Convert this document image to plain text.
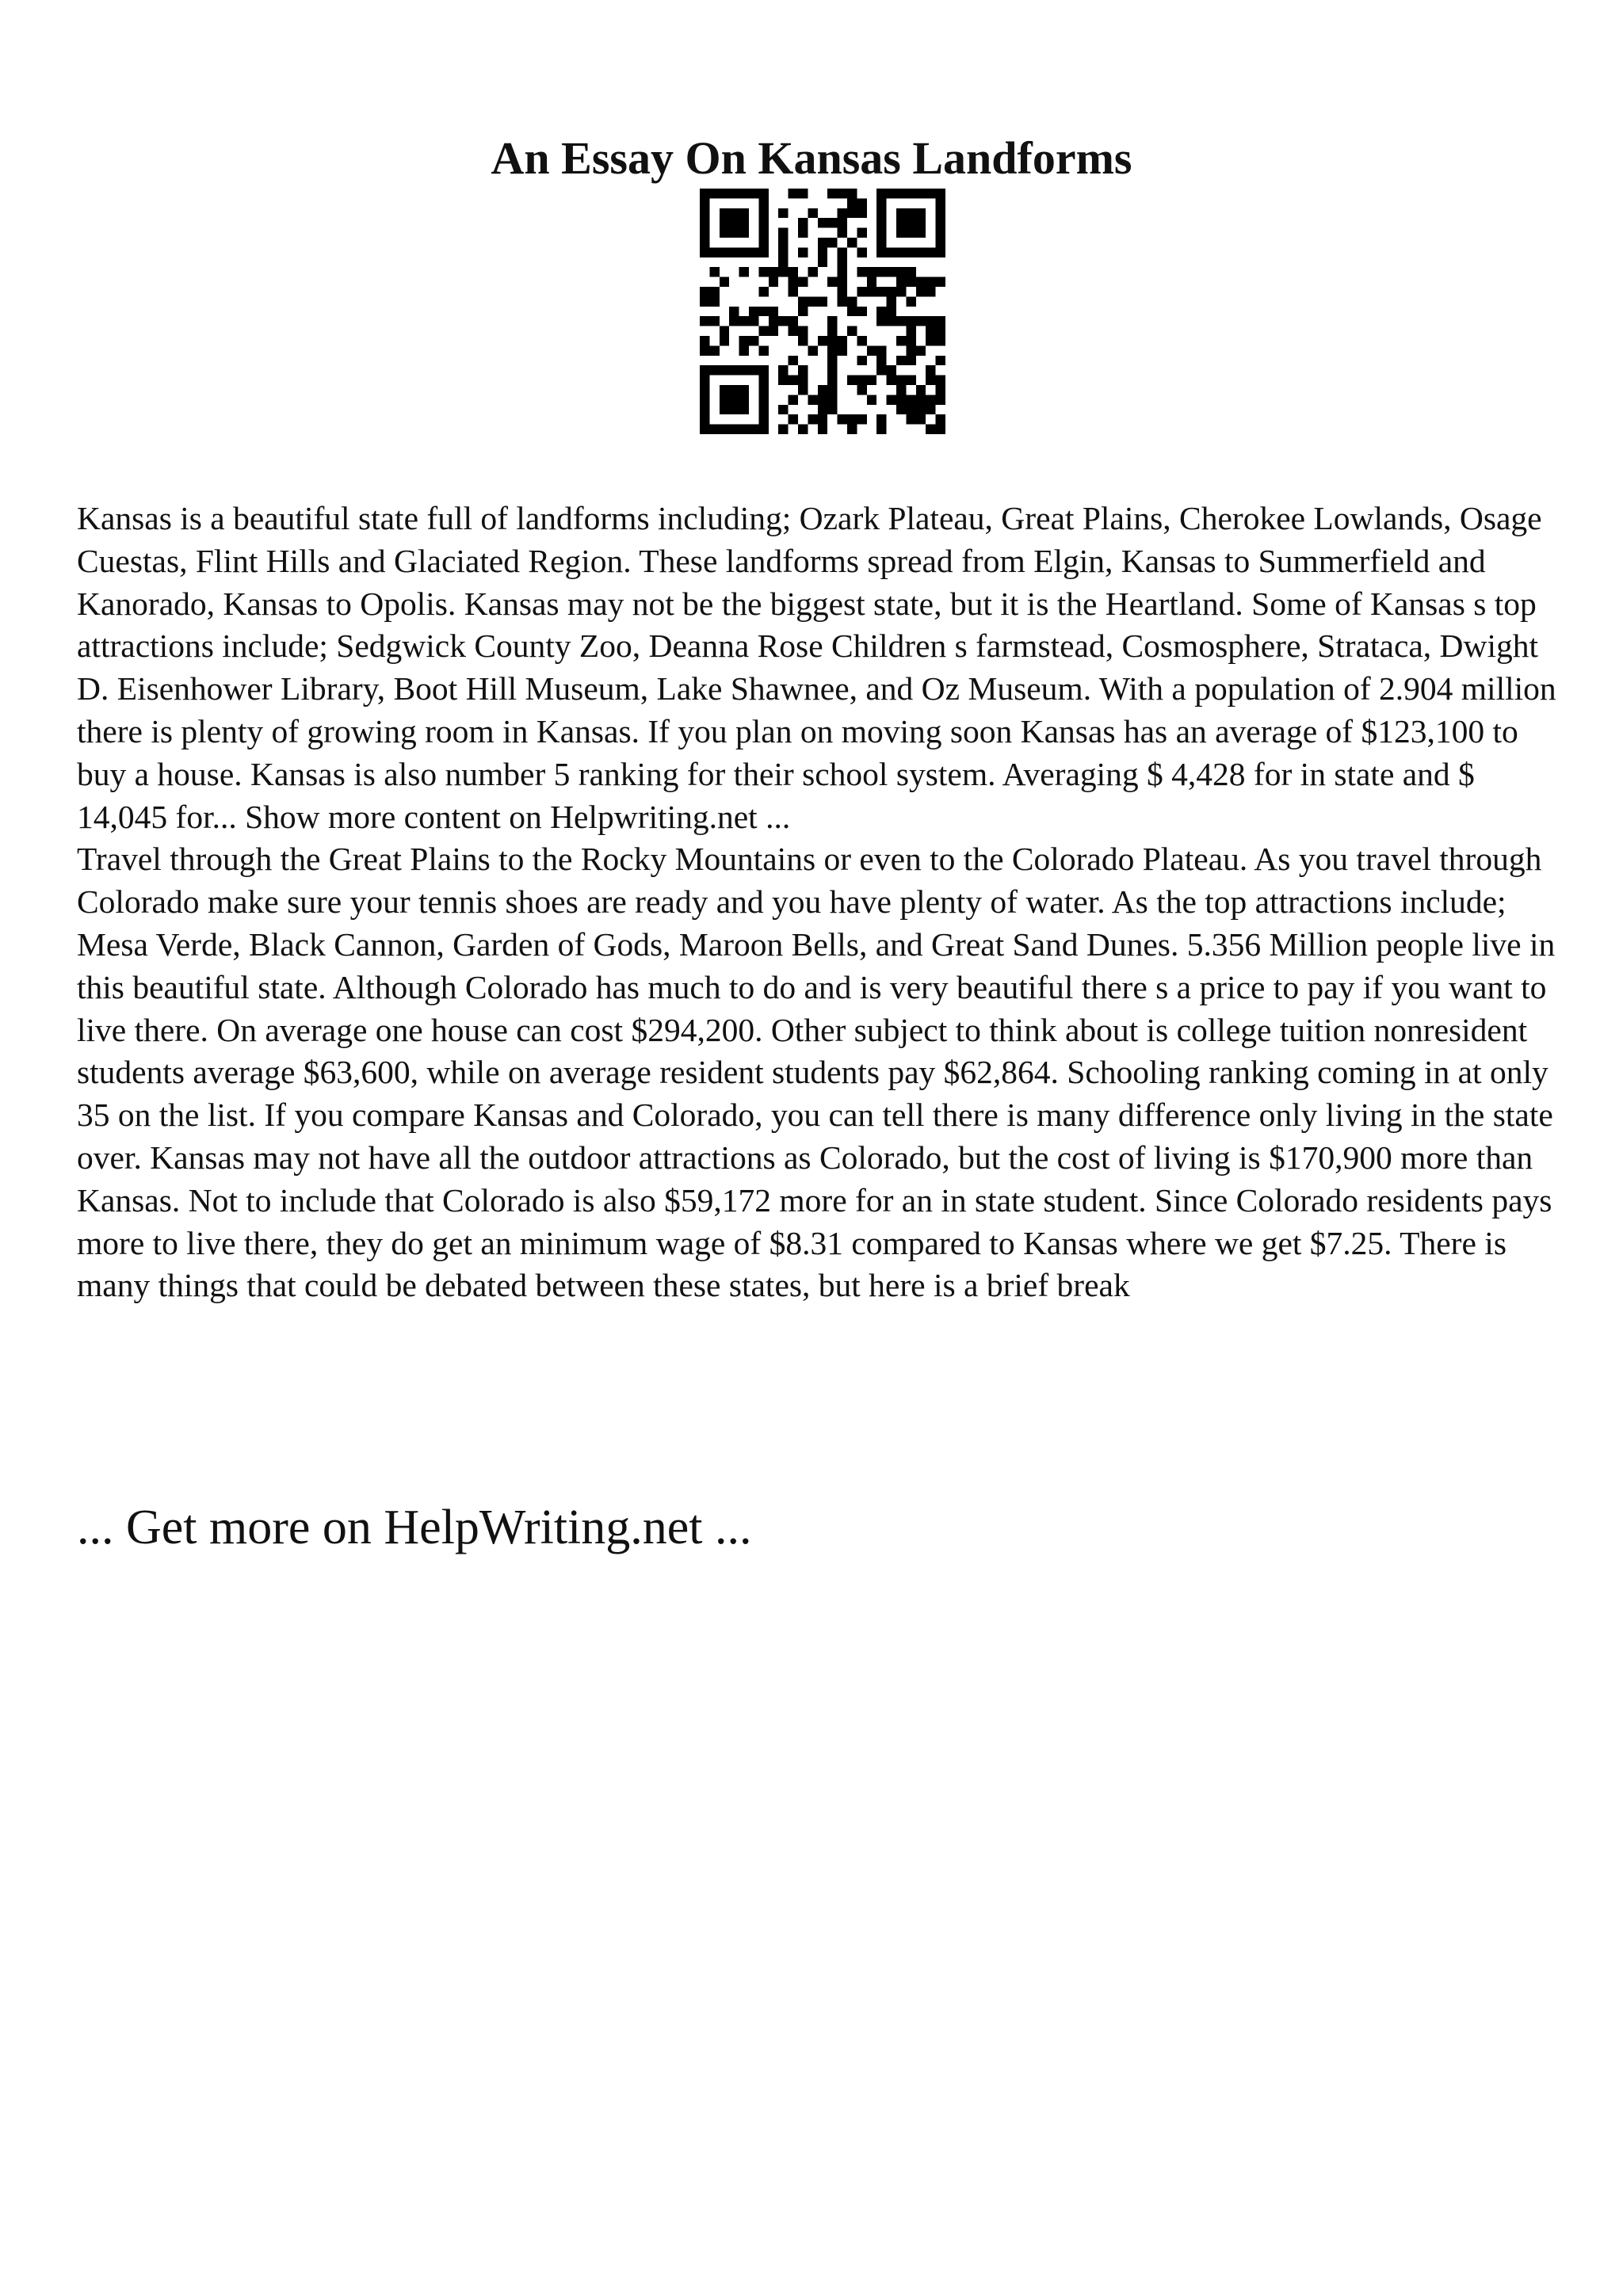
An Essay On Kansas Landforms

Kansas is a beautiful state full of landforms including; Ozark Plateau, Great Plains, Cherokee Lowlands, Osage Cuestas, Flint Hills and Glaciated Region. These landforms spread from Elgin, Kansas to Summerfield and Kanorado, Kansas to Opolis. Kansas may not be the biggest state, but it is the Heartland. Some of Kansas s top attractions include; Sedgwick County Zoo, Deanna Rose Children s farmstead, Cosmosphere, Strataca, Dwight D. Eisenhower Library, Boot Hill Museum, Lake Shawnee, and Oz Museum. With a population of 2.904 million there is plenty of growing room in Kansas. If you plan on moving soon Kansas has an average of $123,100 to buy a house. Kansas is also number 5 ranking for their school system. Averaging $ 4,428 for in state and $ 14,045 for... Show more content on Helpwriting.net ...

Travel through the Great Plains to the Rocky Mountains or even to the Colorado Plateau. As you travel through Colorado make sure your tennis shoes are ready and you have plenty of water. As the top attractions include; Mesa Verde, Black Cannon, Garden of Gods, Maroon Bells, and Great Sand Dunes. 5.356 Million people live in this beautiful state. Although Colorado has much to do and is very beautiful there s a price to pay if you want to live there. On average one house can cost $294,200. Other subject to think about is college tuition nonresident students average $63,600, while on average resident students pay $62,864. Schooling ranking coming in at only 35 on the list. If you compare Kansas and Colorado, you can tell there is many difference only living in the state over. Kansas may not have all the outdoor attractions as Colorado, but the cost of living is $170,900 more than Kansas. Not to include that Colorado is also $59,172 more for an in state student. Since Colorado residents pays more to live there, they do get an minimum wage of $8.31 compared to Kansas where we get $7.25. There is many things that could be debated between these states, but here is a brief break

... Get more on HelpWriting.net ...
